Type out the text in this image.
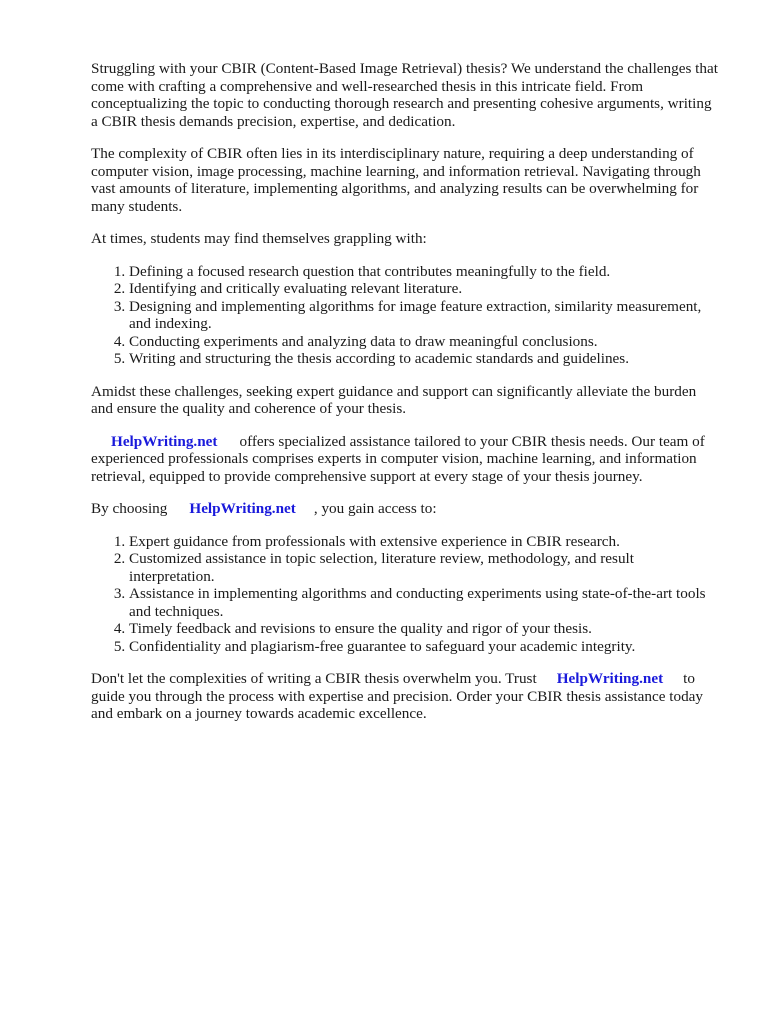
Struggling with your CBIR (Content-Based Image Retrieval) thesis? We understand the challenges that come with crafting a comprehensive and well-researched thesis in this intricate field. From conceptualizing the topic to conducting thorough research and presenting cohesive arguments, writing a CBIR thesis demands precision, expertise, and dedication.

The complexity of CBIR often lies in its interdisciplinary nature, requiring a deep understanding of computer vision, image processing, machine learning, and information retrieval. Navigating through vast amounts of literature, implementing algorithms, and analyzing results can be overwhelming for many students.

At times, students may find themselves grappling with:

1. Defining a focused research question that contributes meaningfully to the field.
2. Identifying and critically evaluating relevant literature.
3. Designing and implementing algorithms for image feature extraction, similarity measurement, and indexing.
4. Conducting experiments and analyzing data to draw meaningful conclusions.
5. Writing and structuring the thesis according to academic standards and guidelines.

Amidst these challenges, seeking expert guidance and support can significantly alleviate the burden and ensure the quality and coherence of your thesis.

HelpWriting.net offers specialized assistance tailored to your CBIR thesis needs. Our team of experienced professionals comprises experts in computer vision, machine learning, and information retrieval, equipped to provide comprehensive support at every stage of your thesis journey.

By choosing HelpWriting.net , you gain access to:

1. Expert guidance from professionals with extensive experience in CBIR research.
2. Customized assistance in topic selection, literature review, methodology, and result interpretation.
3. Assistance in implementing algorithms and conducting experiments using state-of-the-art tools and techniques.
4. Timely feedback and revisions to ensure the quality and rigor of your thesis.
5. Confidentiality and plagiarism-free guarantee to safeguard your academic integrity.

Don't let the complexities of writing a CBIR thesis overwhelm you. Trust HelpWriting.net to guide you through the process with expertise and precision. Order your CBIR thesis assistance today and embark on a journey towards academic excellence.
